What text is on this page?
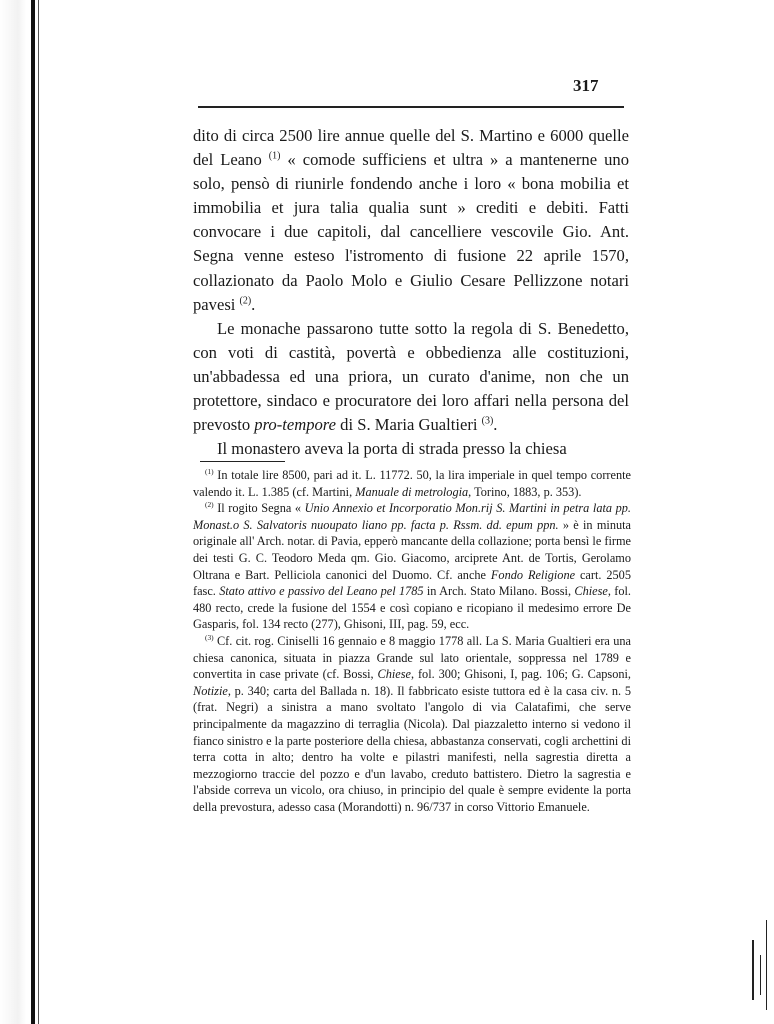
317

dito di circa 2500 lire annue quelle del S. Martino e 6000 quelle del Leano $^{(1)}$ « comode sufficiens et ultra » a mantenerne uno solo, pensò di riunirle fondendo anche i loro « bona mobilia et immobilia et jura talia qualia sunt » crediti e debiti. Fatti convocare i due capitoli, dal cancelliere vescovile Gio. Ant. Segna venne esteso l'istromento di fusione 22 aprile 1570, collazionato da Paolo Molo e Giulio Cesare Pellizzone notari pavesi $^{(2)}$.

Le monache passarono tutte sotto la regola di S. Benedetto, con voti di castità, povertà e obbedienza alle costituzioni, un'abbadessa ed una priora, un curato d'anime, non che un protettore, sindaco e procuratore dei loro affari nella persona del prevosto pro-tempore di S. Maria Gualtieri $^{(3)}$.

Il monastero aveva la porta di strada presso la chiesa

$^{(1)}$ In totale lire 8500, pari ad it. L. 11772. 50, la lira imperiale in quel tempo corrente valendo it. L. 1.385 (cf. Martini, Manuale di metrologia, Torino, 1883, p. 353).

$^{(2)}$ Il rogito Segna « Unio Annexio et Incorporatio Mon.rij S. Martini in petra lata pp. Monast.o S. Salvatoris nuoupato liano pp. facta p. Rssm. dd. epum ppn. » è in minuta originale all' Arch. notar. di Pavia, epperò mancante della collazione; porta bensì le firme dei testi G. C. Teodoro Meda qm. Gio. Giacomo, arciprete Ant. de Tortis, Gerolamo Oltrana e Bart. Pelliciola canonici del Duomo. Cf. anche Fondo Religione cart. 2505 fasc. Stato attivo e passivo del Leano pel 1785 in Arch. Stato Milano. Bossi, Chiese, fol. 480 recto, crede la fusione del 1554 e così copiano e ricopiano il medesimo errore De Gasparis, fol. 134 recto (277), Ghisoni, III, pag. 59, ecc.

$^{(3)}$ Cf. cit. rog. Ciniselli 16 gennaio e 8 maggio 1778 all. La S. Maria Gualtieri era una chiesa canonica, situata in piazza Grande sul lato orientale, soppressa nel 1789 e convertita in case private (cf. Bossi, Chiese, fol. 300; Ghisoni, I, pag. 106; G. Capsoni, Notizie, p. 340; carta del Ballada n. 18). Il fabbricato esiste tuttora ed è la casa civ. n. 5 (frat. Negri) a sinistra a mano svoltato l'angolo di via Calatafimi, che serve principalmente da magazzino di terraglia (Nicola). Dal piazzaletto interno si vedono il fianco sinistro e la parte posteriore della chiesa, abbastanza conservati, cogli archettini di terra cotta in alto; dentro ha volte e pilastri manifesti, nella sagrestia diretta a mezzogiorno traccie del pozzo e d'un lavabo, creduto battistero. Dietro la sagrestia e l'abside correva un vicolo, ora chiuso, in principio del quale è sempre evidente la porta della prevostura, adesso casa (Morandotti) n. 96/737 in corso Vittorio Emanuele.
